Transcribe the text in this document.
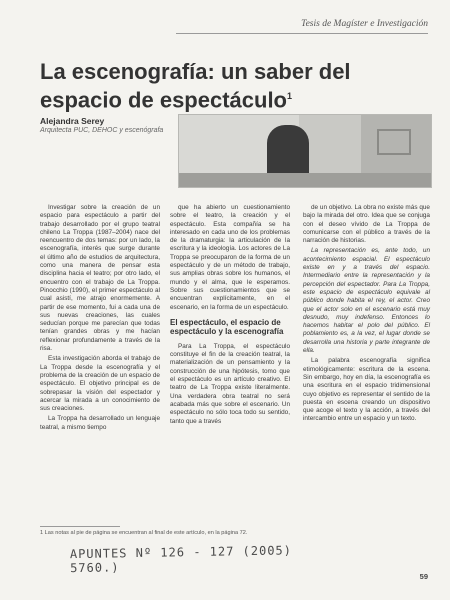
Tesis de Magíster e Investigación
La escenografía: un saber del espacio de espectáculo$^1$
Alejandra Serey
Arquitecta PUC, DEHOC y escenógrafa

Investigar sobre la creación de un espacio para espectáculo a partir del trabajo desarrollado por el grupo teatral chileno La Troppa (1987–2004) nace del reencuentro de dos temas: por un lado, la escenografía, interés que surge durante el último año de estudios de arquitectura, como una manera de pensar esta disciplina hacia el teatro; por otro lado, el encuentro con el trabajo de La Troppa. Pinocchio (1990), el primer espectáculo al cual asistí, me atrajo enormemente. A partir de ese momento, fui a cada una de sus nuevas creaciones, las cuales seducían porque me parecían que todas tenían grandes obras y me hacían reflexionar profundamente a través de la risa.

Esta investigación aborda el trabajo de La Troppa desde la escenografía y el problema de la creación de un espacio de espectáculo. El objetivo principal es de sobrepasar la visión del espectador y acercar la mirada a un conocimiento de sus creaciones.

La Troppa ha desarrollado un lenguaje teatral, a mismo tiempo

que ha abierto un cuestionamiento sobre el teatro, la creación y el espectáculo. Esta compañía se ha interesado en cada uno de los problemas de la dramaturgia: la articulación de la escritura y la ideología. Los actores de La Troppa se preocuparon de la forma de un espectáculo y de un método de trabajo, sus amplias obras sobre los humanos, el mundo y el alma, que le esperamos. Sobre sus cuestionamientos que se encuentran explícitamente, en el escenario, en la forma de un espectáculo.

El espectáculo, el espacio de espectáculo y la escenografía

Para La Troppa, el espectáculo constituye el fin de la creación teatral, la materialización de un pensamiento y la construcción de una hipótesis, tomo que el espectáculo es un artículo creativo. El teatro de La Troppa existe literalmente. Una verdadera obra teatral no será acabada más que sobre el escenario. Un espectáculo no sólo toca todo su sentido, tanto que a través

de un objetivo. La obra no existe más que bajo la mirada del otro. Idea que se conjuga con el deseo vívido de La Troppa de comunicarse con el público a través de la narración de historias.

La representación es, ante todo, un acontecimiento espacial. El espectáculo existe en y a través del espacio. Intermediario entre la representación y la percepción del espectador. Para La Troppa, este espacio de espectáculo equivale al público donde habita el rey, el actor. Creo que el actor solo en el escenario está muy desnudo, muy indefenso. Entonces lo hacemos habitar el polo del público. El poblamiento es, a la vez, el lugar donde se desarrolla una historia y parte integrante de ella.

La palabra escenografía significa etimológicamente: escritura de la escena. Sin embargo, hoy en día, la escenografía es una escritura en el espacio tridimensional cuyo objetivo es representar el sentido de la puesta en escena creando un dispositivo que acoge el texto y la acción, a través del intercambio entre un espacio y un texto.

1 Las notas al pie de página se encuentran al final de este artículo, en la página 72.
APUNTES Nº 126 - 127 (2005) 5760.)
59
